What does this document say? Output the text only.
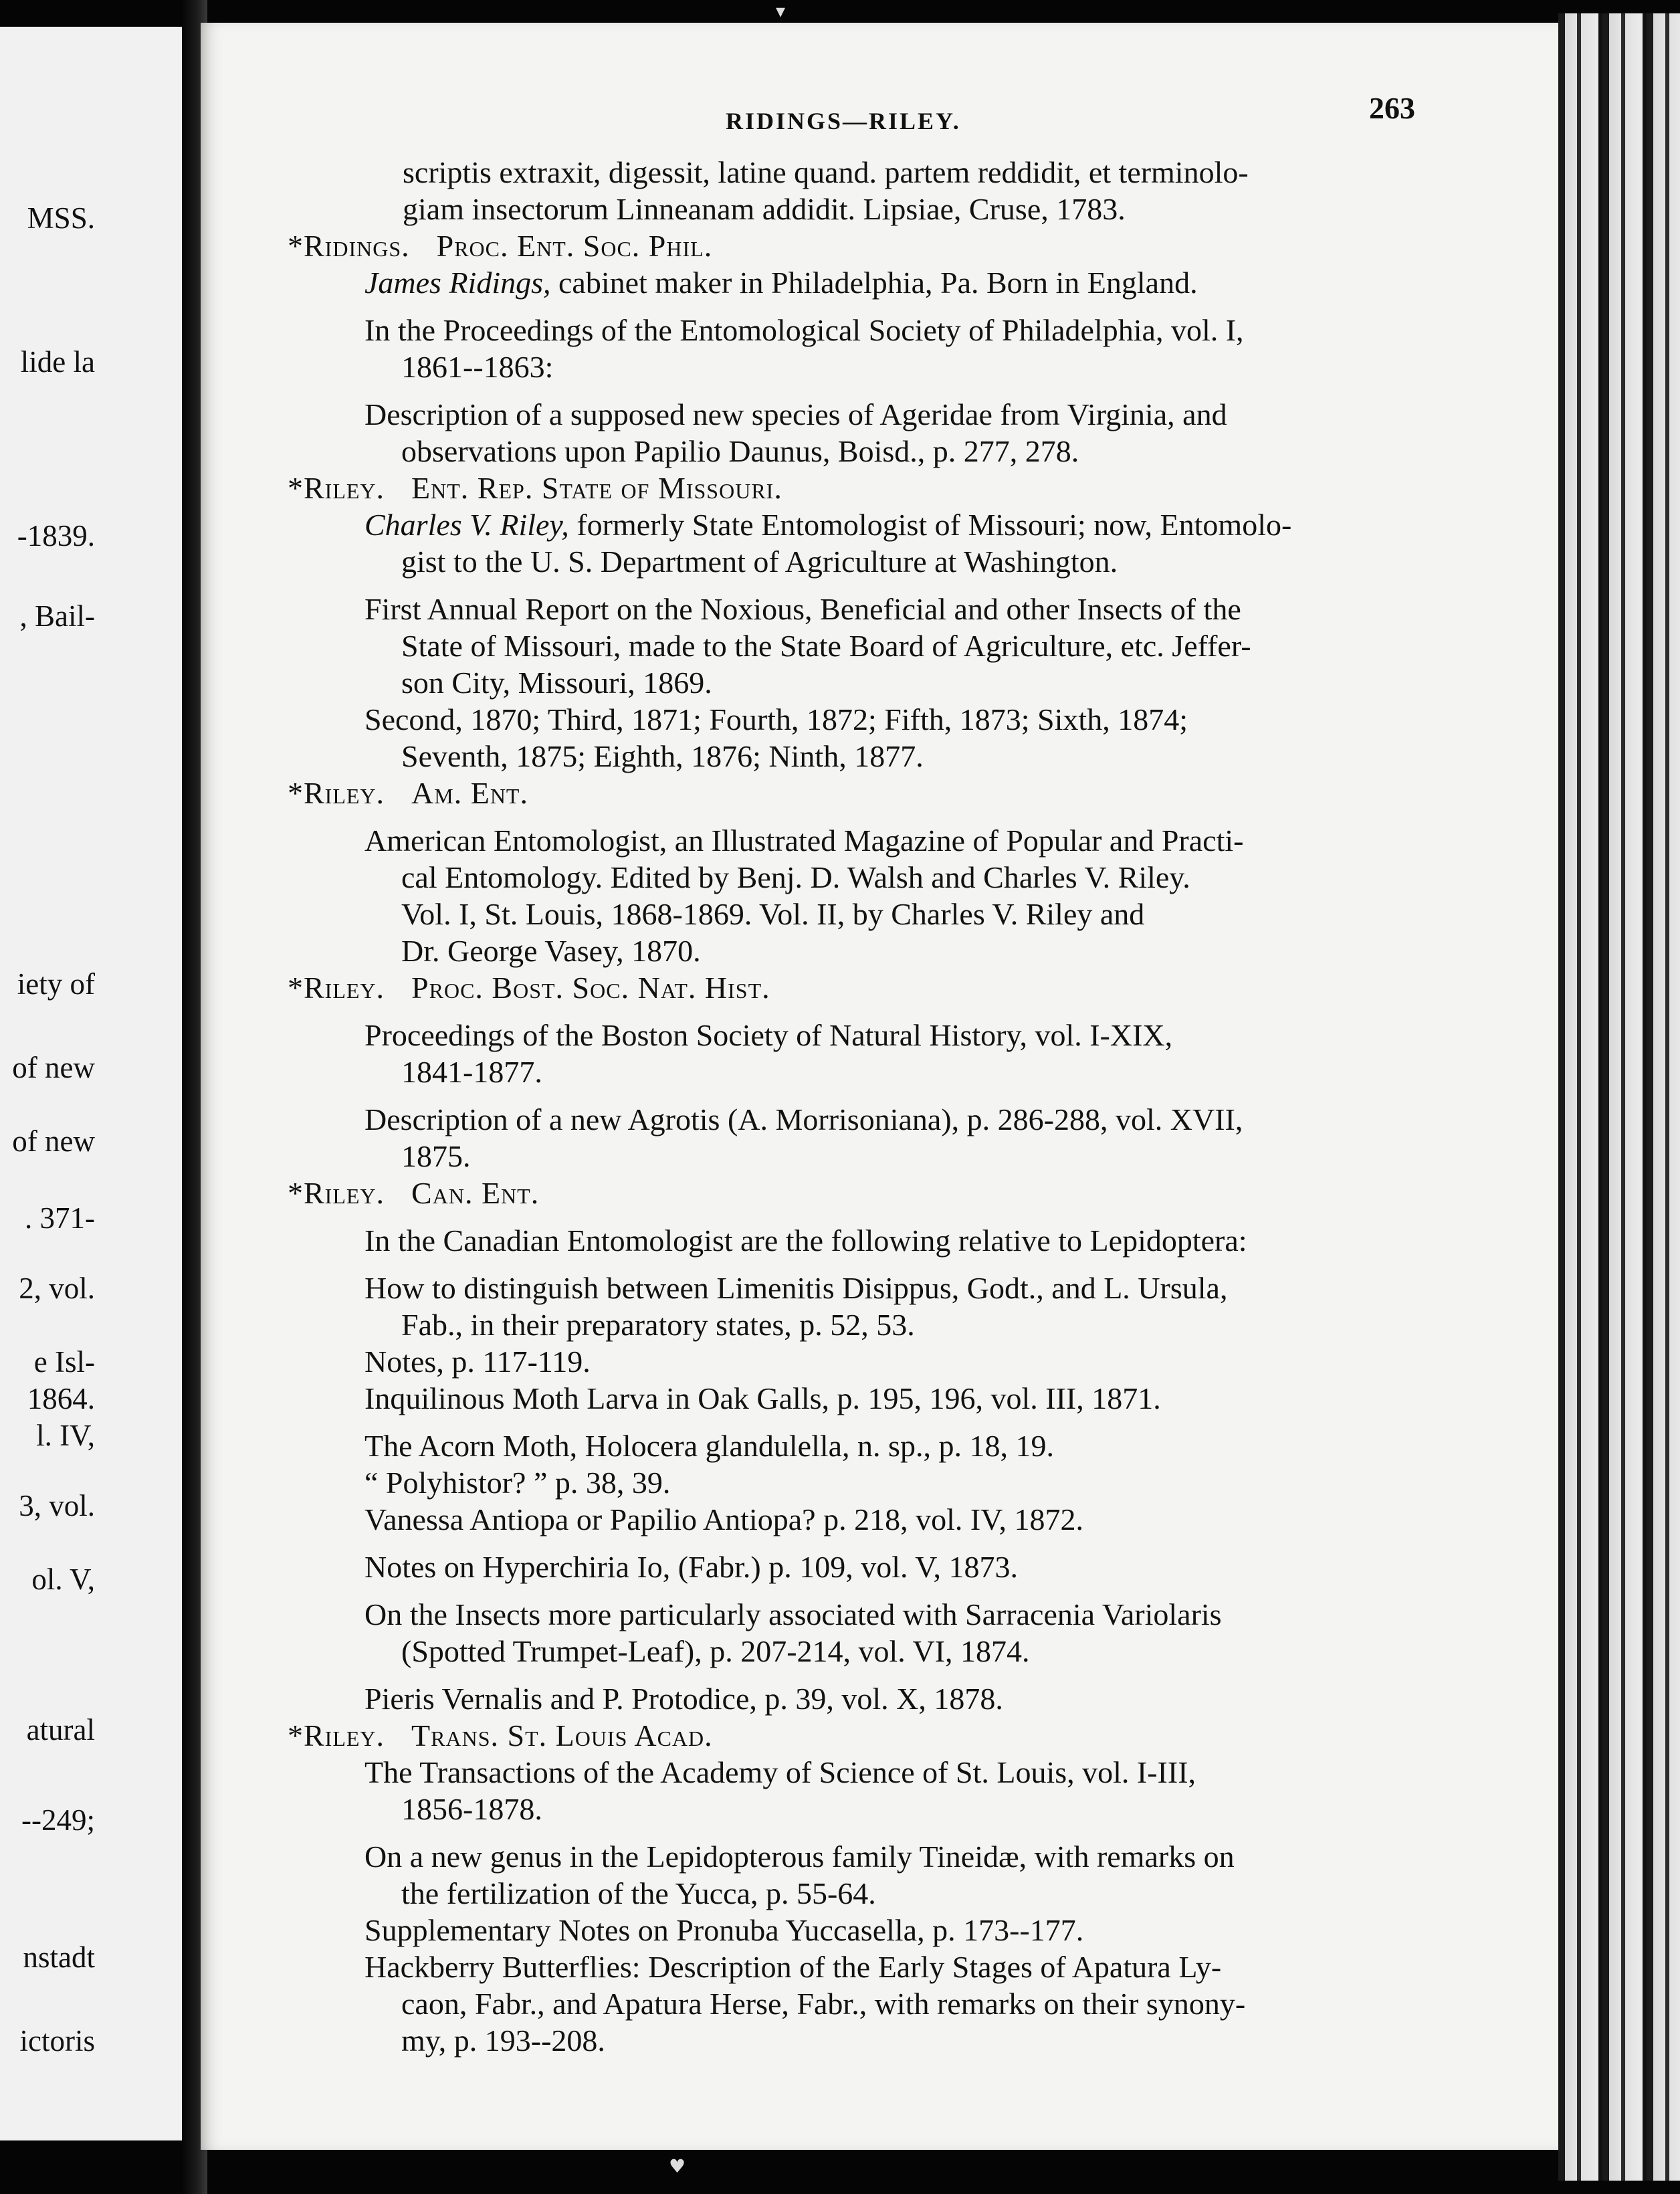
MSS.
lide la
-1839.
, Bail-
iety of
of new
of new
. 371-
2, vol.
e Isl-
1864.
l. IV,
3, vol.
ol. V,
atural
--249;
nstadt
ictoris
▾
RIDINGS—RILEY.	263
scriptis extraxit, digessit, latine quand. partem reddidit, et terminolo-
giam insectorum Linneanam addidit. Lipsiae, Cruse, 1783.
*Ridings. Proc. Ent. Soc. Phil.
James Ridings, cabinet maker in Philadelphia, Pa. Born in England.
In the Proceedings of the Entomological Society of Philadelphia, vol. I,
1861--1863:
Description of a supposed new species of Ageridae from Virginia, and
observations upon Papilio Daunus, Boisd., p. 277, 278.
*Riley. Ent. Rep. State of Missouri.
Charles V. Riley, formerly State Entomologist of Missouri; now, Entomolo-
gist to the U. S. Department of Agriculture at Washington.
First Annual Report on the Noxious, Beneficial and other Insects of the
State of Missouri, made to the State Board of Agriculture, etc. Jeffer-
son City, Missouri, 1869.
Second, 1870; Third, 1871; Fourth, 1872; Fifth, 1873; Sixth, 1874;
Seventh, 1875; Eighth, 1876; Ninth, 1877.
*Riley. Am. Ent.
American Entomologist, an Illustrated Magazine of Popular and Practi-
cal Entomology. Edited by Benj. D. Walsh and Charles V. Riley.
Vol. I, St. Louis, 1868-1869. Vol. II, by Charles V. Riley and
Dr. George Vasey, 1870.
*Riley. Proc. Bost. Soc. Nat. Hist.
Proceedings of the Boston Society of Natural History, vol. I-XIX,
1841-1877.
Description of a new Agrotis (A. Morrisoniana), p. 286-288, vol. XVII,
1875.
*Riley. Can. Ent.
In the Canadian Entomologist are the following relative to Lepidoptera:
How to distinguish between Limenitis Disippus, Godt., and L. Ursula,
Fab., in their preparatory states, p. 52, 53.
Notes, p. 117-119.
Inquilinous Moth Larva in Oak Galls, p. 195, 196, vol. III, 1871.
The Acorn Moth, Holocera glandulella, n. sp., p. 18, 19.
“ Polyhistor? ” p. 38, 39.
Vanessa Antiopa or Papilio Antiopa? p. 218, vol. IV, 1872.
Notes on Hyperchiria Io, (Fabr.) p. 109, vol. V, 1873.
On the Insects more particularly associated with Sarracenia Variolaris
(Spotted Trumpet-Leaf), p. 207-214, vol. VI, 1874.
Pieris Vernalis and P. Protodice, p. 39, vol. X, 1878.
*Riley. Trans. St. Louis Acad.
The Transactions of the Academy of Science of St. Louis, vol. I-III,
1856-1878.
On a new genus in the Lepidopterous family Tineidæ, with remarks on
the fertilization of the Yucca, p. 55-64.
Supplementary Notes on Pronuba Yuccasella, p. 173--177.
Hackberry Butterflies: Description of the Early Stages of Apatura Ly-
caon, Fabr., and Apatura Herse, Fabr., with remarks on their synony-
my, p. 193--208.
♥
